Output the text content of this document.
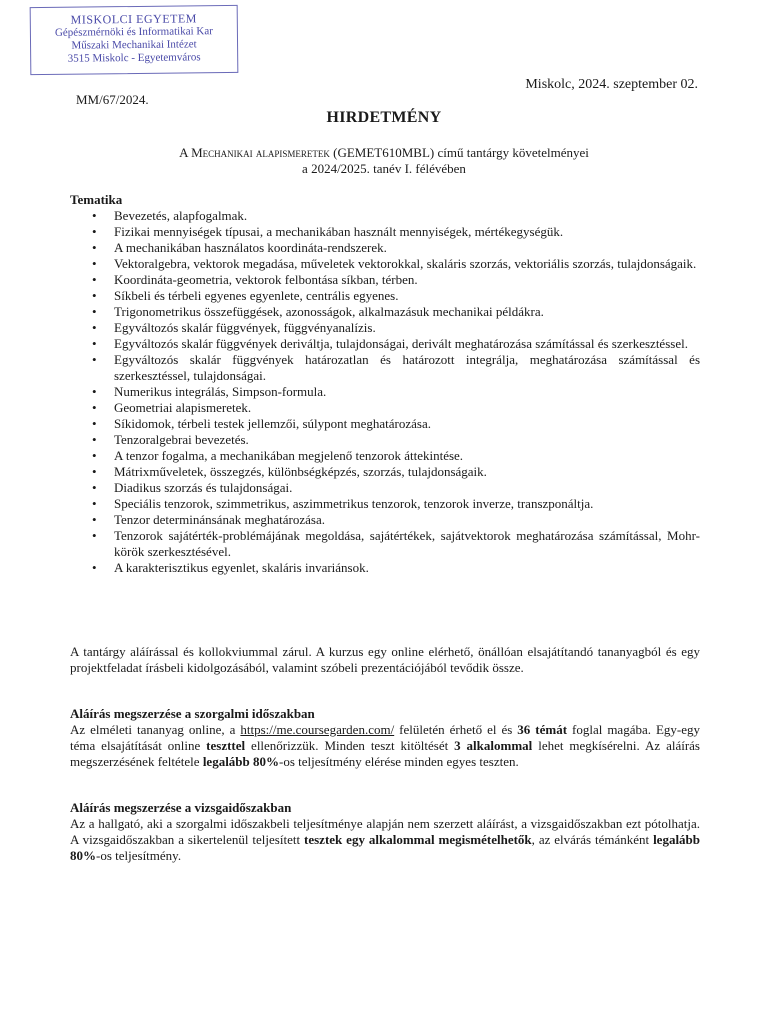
MISKOLCI EGYETEM
Gépészmérnöki és Informatikai Kar
Műszaki Mechanikai Intézet
3515 Miskolc - Egyetemváros
Miskolc, 2024. szeptember 02.
MM/67/2024.
HIRDETMÉNY
A Mechanikai alapismeretek (GEMET610MBL) című tantárgy követelményei
a 2024/2025. tanév I. félévében
Tematika
• Bevezetés, alapfogalmak.
• Fizikai mennyiségek típusai, a mechanikában használt mennyiségek, mértékegységük.
• A mechanikában használatos koordináta-rendszerek.
• Vektoralgebra, vektorok megadása, műveletek vektorokkal, skaláris szorzás, vektoriális szorzás, tulajdonságaik.
• Koordináta-geometria, vektorok felbontása síkban, térben.
• Síkbeli és térbeli egyenes egyenlete, centrális egyenes.
• Trigonometrikus összefüggések, azonosságok, alkalmazásuk mechanikai példákra.
• Egyváltozós skalár függvények, függvényanalízis.
• Egyváltozós skalár függvények deriváltja, tulajdonságai, derivált meghatározása számítással és szerkesztéssel.
• Egyváltozós skalár függvények határozatlan és határozott integrálja, meghatározása számítással és szerkesztéssel, tulajdonságai.
• Numerikus integrálás, Simpson-formula.
• Geometriai alapismeretek.
• Síkidomok, térbeli testek jellemzői, súlypont meghatározása.
• Tenzoralgebrai bevezetés.
• A tenzor fogalma, a mechanikában megjelenő tenzorok áttekintése.
• Mátrixműveletek, összegzés, különbségképzés, szorzás, tulajdonságaik.
• Diadikus szorzás és tulajdonságai.
• Speciális tenzorok, szimmetrikus, aszimmetrikus tenzorok, tenzorok inverze, transzponáltja.
• Tenzor determinánsának meghatározása.
• Tenzorok sajátérték-problémájának megoldása, sajátértékek, sajátvektorok meghatározása számítással, Mohr-körök szerkesztésével.
• A karakterisztikus egyenlet, skaláris invariánsok.

A tantárgy aláírással és kollokviummal zárul. A kurzus egy online elérhető, önállóan elsajátítandó tananyagból és egy projektfeladat írásbeli kidolgozásából, valamint szóbeli prezentációjából tevődik össze.

Aláírás megszerzése a szorgalmi időszakban

Az elméleti tananyag online, a https://me.coursegarden.com/ felületén érhető el és 36 témát foglal magába. Egy-egy téma elsajátítását online teszttel ellenőrizzük. Minden teszt kitöltését 3 alkalommal lehet megkísérelni. Az aláírás megszerzésének feltétele legalább 80%-os teljesítmény elérése minden egyes teszten.

Aláírás megszerzése a vizsgaidőszakban

Az a hallgató, aki a szorgalmi időszakbeli teljesítménye alapján nem szerzett aláírást, a vizsgaidőszakban ezt pótolhatja. A vizsgaidőszakban a sikertelenül teljesített tesztek egy alkalommal megismételhetők, az elvárás témánként legalább 80%-os teljesítmény.
